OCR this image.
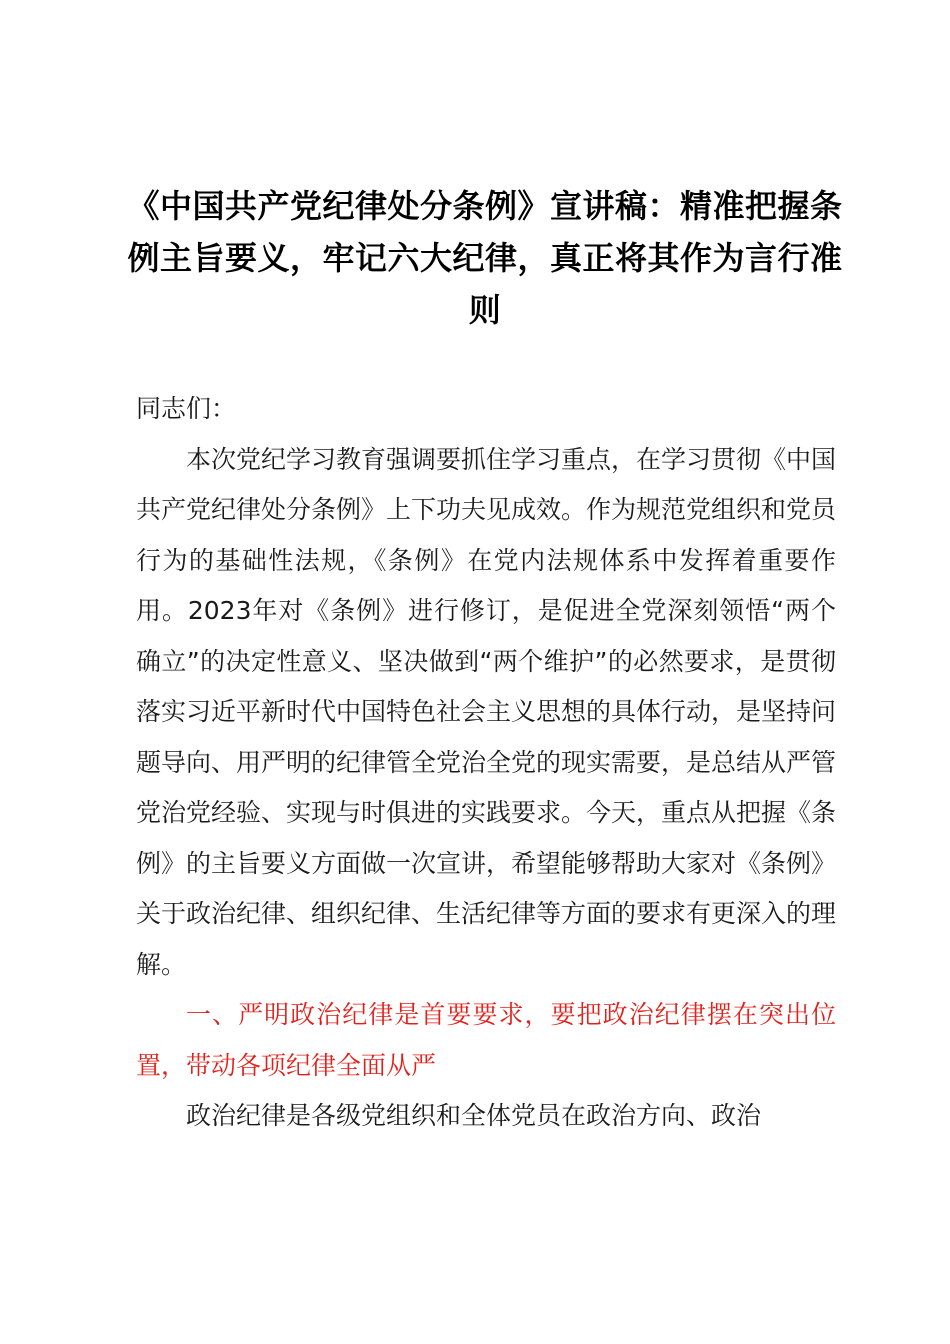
《中国共产党纪律处分条例》宣讲稿：精准把握条例主旨要义，牢记六大纪律，真正将其作为言行准则

同志们：

本次党纪学习教育强调要抓住学习重点，在学习贯彻《中国共产党纪律处分条例》上下功夫见成效。作为规范党组织和党员行为的基础性法规，《条例》在党内法规体系中发挥着重要作用。2023年对《条例》进行修订，是促进全党深刻领悟“两个确立”的决定性意义、坚决做到“两个维护”的必然要求，是贯彻落实习近平新时代中国特色社会主义思想的具体行动，是坚持问题导向、用严明的纪律管全党治全党的现实需要，是总结从严管党治党经验、实现与时俱进的实践要求。今天，重点从把握《条例》的主旨要义方面做一次宣讲，希望能够帮助大家对《条例》关于政治纪律、组织纪律、生活纪律等方面的要求有更深入的理解。

一、严明政治纪律是首要要求，要把政治纪律摆在突出位置，带动各项纪律全面从严

政治纪律是各级党组织和全体党员在政治方向、政治
